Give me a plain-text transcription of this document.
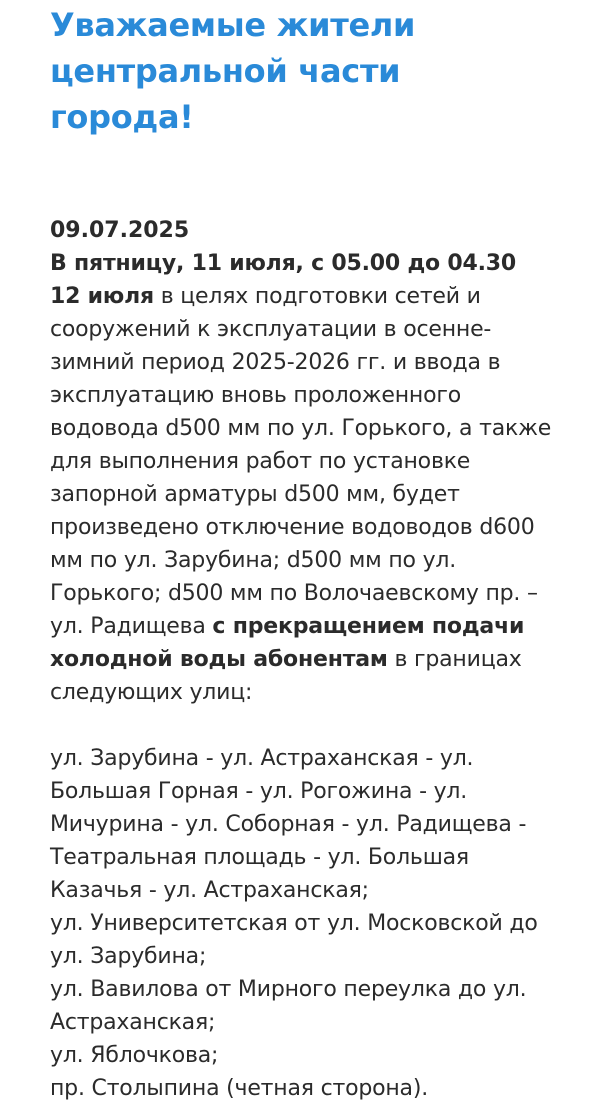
Уважаемые жители центральной части города!
09.07.2025

В пятницу, 11 июля, с 05.00 до 04.30 12 июля в целях подготовки сетей и сооружений к эксплуатации в осенне-зимний период 2025-2026 гг. и ввода в эксплуатацию вновь проложенного водовода d500 мм по ул. Горького, а также для выполнения работ по установке запорной арматуры d500 мм, будет произведено отключение водоводов d600 мм по ул. Зарубина; d500 мм по ул. Горького; d500 мм по Волочаевскому пр. – ул. Радищева с прекращением подачи холодной воды абонентам в границах следующих улиц:

ул. Зарубина - ул. Астраханская - ул. Большая Горная - ул. Рогожина - ул. Мичурина - ул. Соборная - ул. Радищева - Театральная площадь - ул. Большая Казачья - ул. Астраханская;
ул. Университетская от ул. Московской до ул. Зарубина;
ул. Вавилова от Мирного переулка до ул. Астраханская;
ул. Яблочкова;
пр. Столыпина (четная сторона).
